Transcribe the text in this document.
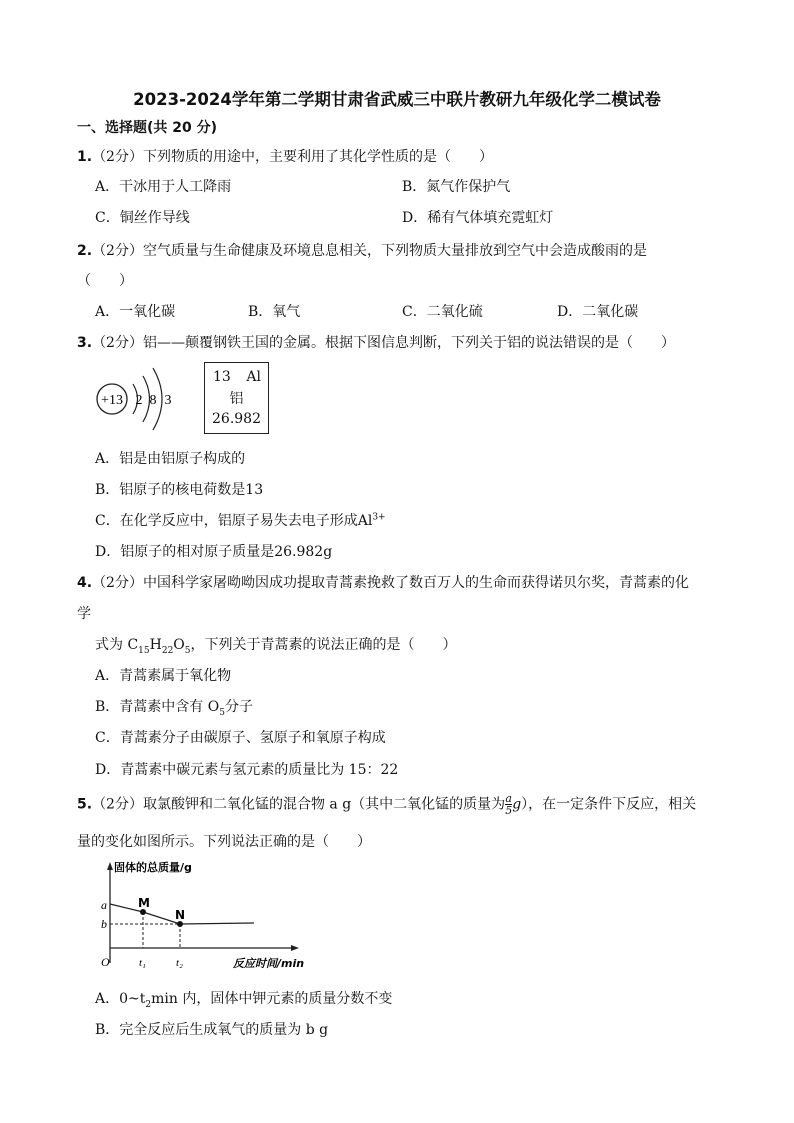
2023-2024学年第二学期甘肃省武威三中联片教研九年级化学二模试卷
一、选择题(共 20 分)
1.（2分）下列物质的用途中，主要利用了其化学性质的是（　　）
A．干冰用于人工降雨	B．氮气作保护气
C．铜丝作导线	D．稀有气体填充霓虹灯
2.（2分）空气质量与生命健康及环境息息相关，下列物质大量排放到空气中会造成酸雨的是
（　　）
A．一氧化碳	B．氧气	C．二氧化硫	D．二氧化碳
3.（2分）铝——颠覆钢铁王国的金属。根据下图信息判断，下列关于铝的说法错误的是（　　）
+13 2 8 3
13 Al
铝
26.982
A．铝是由铝原子构成的
B．铝原子的核电荷数是13
C．在化学反应中，铝原子易失去电子形成$Al^{3+}$
D．铝原子的相对原子质量是26.982g
4.（2分）中国科学家屠呦呦因成功提取青蒿素挽救了数百万人的生命而获得诺贝尔奖，青蒿素的化
学
式为 $C_{15}H_{22}O_5$，下列关于青蒿素的说法正确的是（　　）
A．青蒿素属于氧化物
B．青蒿素中含有 $O_5$分子
C．青蒿素分子由碳原子、氢原子和氧原子构成
D．青蒿素中碳元素与氢元素的质量比为 15：22
5.（2分）取氯酸钾和二氧化锰的混合物 a g（其中二氧化锰的质量为 $\frac{a}{5} g$），在一定条件下反应，相关
量的变化如图所示。下列说法正确的是（　　）
固体的总质量/g
反应时间/min
O
a
b
t₁	t₂
M
N
A．$0\sim t_2\min$ 内，固体中钾元素的质量分数不变
B．完全反应后生成氧气的质量为 b g
